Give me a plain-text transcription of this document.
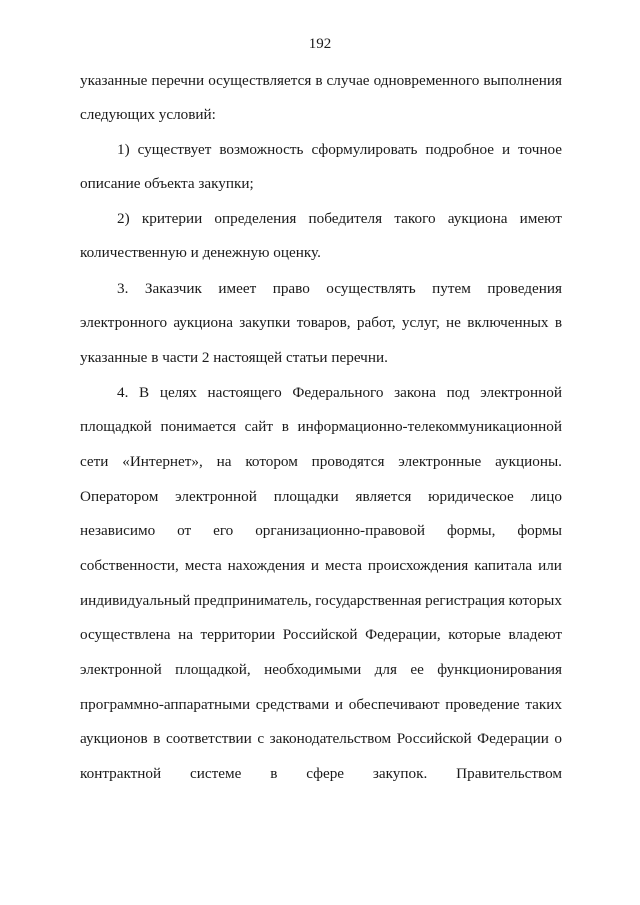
192
указанные перечни осуществляется в случае одновременного выполнения
следующих условий:
1) существует возможность сформулировать подробное и точное
описание объекта закупки;
2) критерии определения победителя такого аукциона имеют
количественную и денежную оценку.
3. Заказчик имеет право осуществлять путем проведения
электронного аукциона закупки товаров, работ, услуг, не включенных в
указанные в части 2 настоящей статьи перечни.
4. В целях настоящего Федерального закона под электронной
площадкой понимается сайт в информационно-телекоммуникационной
сети «Интернет», на котором проводятся электронные аукционы.
Оператором электронной площадки является юридическое лицо
независимо от его организационно-правовой формы, формы
собственности, места нахождения и места происхождения капитала или
индивидуальный предприниматель, государственная регистрация которых
осуществлена на территории Российской Федерации, которые владеют
электронной площадкой, необходимыми для ее функционирования
программно-аппаратными средствами и обеспечивают проведение таких
аукционов в соответствии с законодательством Российской Федерации о
контрактной системе в сфере закупок. Правительством
